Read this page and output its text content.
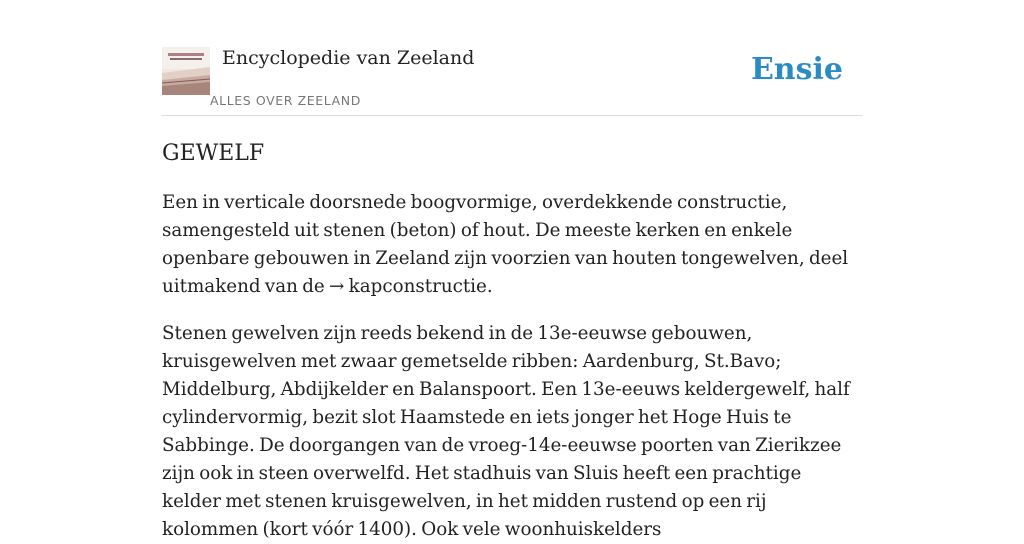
Encyclopedie van Zeeland
ALLES OVER ZEELAND
Ensie
GEWELF

Een in verticale doorsnede boogvormige, overdekkende constructie, samengesteld uit stenen (beton) of hout. De meeste kerken en enkele openbare gebouwen in Zeeland zijn voorzien van houten tongewelven, deel uitmakend van de → kapconstructie.

Stenen gewelven zijn reeds bekend in de 13e-eeuwse gebouwen, kruisgewelven met zwaar gemetselde ribben: Aardenburg, St.Bavo; Middelburg, Abdijkelder en Balanspoort. Een 13e-eeuws keldergewelf, half cylindervormig, bezit slot Haamstede en iets jonger het Hoge Huis te Sabbinge. De doorgangen van de vroeg-14e-eeuwse poorten van Zierikzee zijn ook in steen overwelfd. Het stadhuis van Sluis heeft een prachtige kelder met stenen kruisgewelven, in het midden rustend op een rij kolommen (kort vóór 1400). Ook vele woonhuiskelders
